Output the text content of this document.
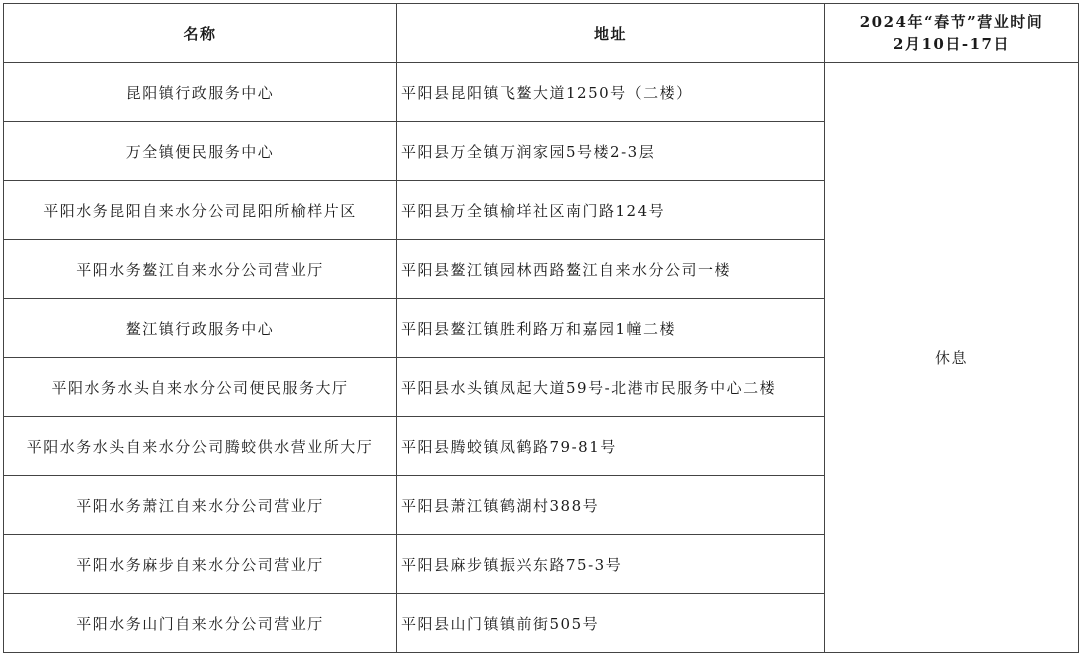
名称	地址	2024年“春节”营业时间
2月10日-17日

昆阳镇行政服务中心	平阳县昆阳镇飞鳌大道1250号（二楼）	休息
万全镇便民服务中心	平阳县万全镇万润家园5号楼2-3层	
平阳水务昆阳自来水分公司昆阳所榆样片区	平阳县万全镇榆垟社区南门路124号	
平阳水务鳌江自来水分公司营业厅	平阳县鳌江镇园林西路鳌江自来水分公司一楼	
鳌江镇行政服务中心	平阳县鳌江镇胜利路万和嘉园1幢二楼	
平阳水务水头自来水分公司便民服务大厅	平阳县水头镇凤起大道59号-北港市民服务中心二楼	
平阳水务水头自来水分公司腾蛟供水营业所大厅	平阳县腾蛟镇凤鹤路79-81号	
平阳水务萧江自来水分公司营业厅	平阳县萧江镇鹤湖村388号	
平阳水务麻步自来水分公司营业厅	平阳县麻步镇振兴东路75-3号	
平阳水务山门自来水分公司营业厅	平阳县山门镇镇前街505号	
